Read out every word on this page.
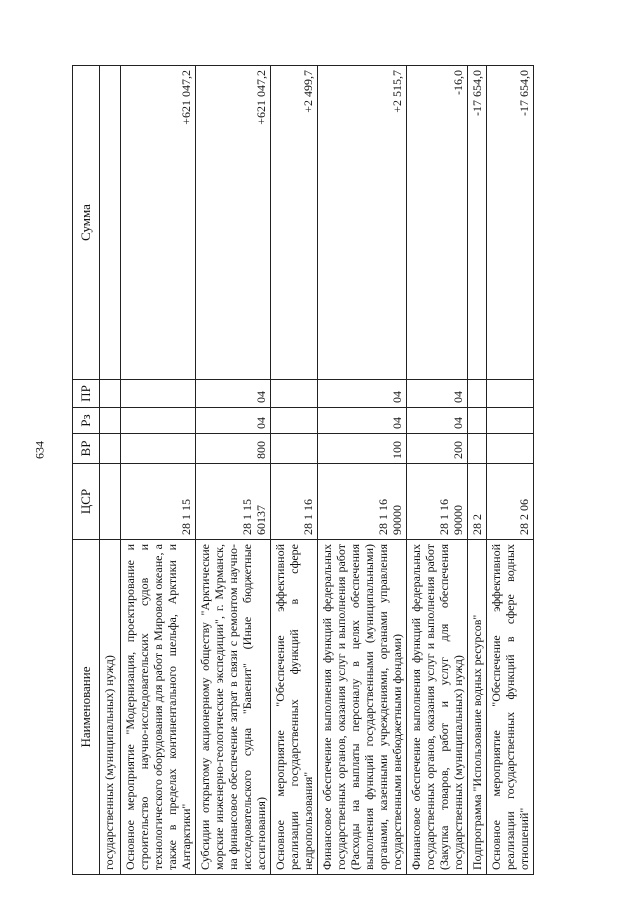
634
Наименование	ЦСР	ВР	Рз	ПР	Сумма
государственных (муниципальных) нужд)					
Основное мероприятие "Модернизация, проектирование и строительство научно-исследовательских судов и технологического оборудования для работ в Мировом океане, а также в пределах континентального шельфа, Арктики и Антарктики"	28 1 15				+621 047,2
Субсидии открытому акционерному обществу "Арктические морские инженерно-геологические экспедиции", г. Мурманск, на финансовое обеспечение затрат в связи с ремонтом научно-исследовательского судна "Бавенит" (Иные бюджетные ассигнования)	28 1 15 60137	800	04	04	+621 047,2
Основное мероприятие "Обеспечение эффективной реализации государственных функций в сфере недропользования"	28 1 16				+2 499,7
Финансовое обеспечение выполнения функций федеральных государственных органов, оказания услуг и выполнения работ (Расходы на выплаты персоналу в целях обеспечения выполнения функций государственными (муниципальными) органами, казенными учреждениями, органами управления государственными внебюджетными фондами)	28 1 16 90000	100	04	04	+2 515,7
Финансовое обеспечение выполнения функций федеральных государственных органов, оказания услуг и выполнения работ (Закупка товаров, работ и услуг для обеспечения государственных (муниципальных) нужд)	28 1 16 90000	200	04	04	-16,0
Подпрограмма "Использование водных ресурсов"	28 2				-17 654,0
Основное мероприятие "Обеспечение эффективной реализации государственных функций в сфере водных отношений"	28 2 06				-17 654,0
